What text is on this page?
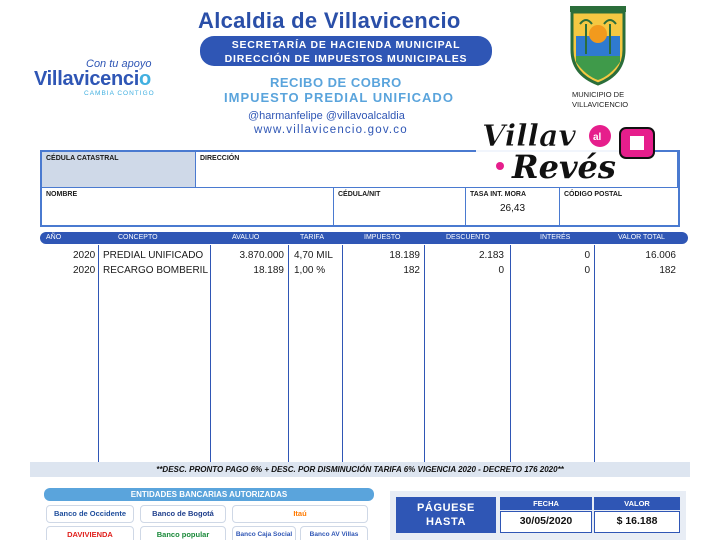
Alcaldia de Villavicencio
SECRETARÍA DE HACIENDA MUNICIPAL
DIRECCIÓN DE IMPUESTOS MUNICIPALES
RECIBO DE COBRO
IMPUESTO PREDIAL UNIFICADO
@harmanfelipe @villavoalcaldia
www.villavicencio.gov.co
Con tu apoyo
Villavicencio
CAMBIA CONTIGO	MUNICIPIO DE
VILLAVICENCIO
CÉDULA CATASTRAL	DIRECCIÓN
NOMBRE	CÉDULA/NIT	TASA INT. MORA
26,43
CÓDIGO POSTAL
Villav al
Revés
AÑO	CONCEPTO	AVALUO	TARIFA	IMPUESTO	DESCUENTO	INTERÉS	VALOR TOTAL
2020 PREDIAL UNIFICADO	3.870.000 4,70 MIL	18.189	2.183	0	16.006
2020 RECARGO BOMBERIL	18.189 1,00 %	182	0	0	182
**DESC. PRONTO PAGO 6% + DESC. POR DISMINUCIÓN TARIFA 6% VIGENCIA 2020 - DECRETO 176 2020**
ENTIDADES BANCARIAS AUTORIZADAS
Banco de Occidente	Banco de Bogotá	Itaú
DAVIVIENDA	Banco popular	Banco Caja Social	Banco AV Villas
PÁGUESE
HASTA
FECHA	VALOR
30/05/2020	$ 16.188
